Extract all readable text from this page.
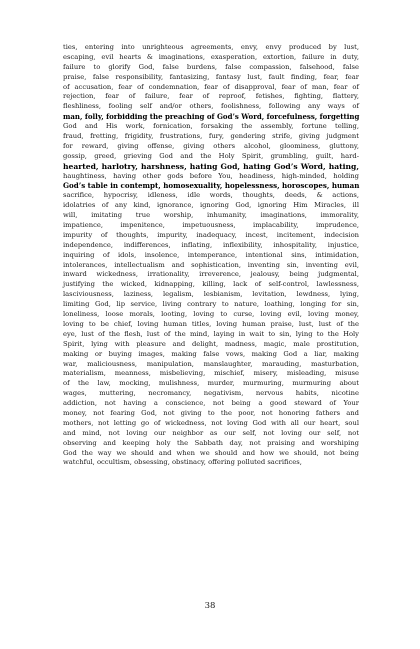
ties, entering into unrighteous agreements, envy, envy produced by lust,
escaping, evil hearts & imaginations, exasperation, extortion, failure in duty,
failure to glorify God, false burdens, false compassion, falsehood, false
praise, false responsibility, fantasizing, fantasy lust, fault finding, fear, fear
of accusation, fear of condemnation, fear of disapproval, fear of man, fear of
rejection, fear of failure, fear of reproof, fetishes, fighting, flattery,
fleshliness, fooling self and/or others, foolishness, following any ways of
man, folly, forbidding the preaching of God’s Word, forcefulness, forgetting
God and His work, fornication, forsaking the assembly, fortune telling,
fraud, fretting, frigidity, frustrations, fury, gendering strife, giving judgment
for reward, giving offense, giving others alcohol, gloominess, gluttony,
gossip, greed, grieving God and the Holy Spirit, grumbling, guilt, hard-
hearted, harlotry, harshness, hating God, hating God’s Word, hating,
haughtiness, having other gods before You, headiness, high-minded, holding
God’s table in contempt, homosexuality, hopelessness, horoscopes, human
sacrifice, hypocrisy, idleness, idle words, thoughts, deeds, & actions,
idolatries of any kind, ignorance, ignoring God, ignoring Him Miracles, ill
will, imitating true worship, inhumanity, imaginations, immorality,
impatience, impenitence, impetuousness, implacability, imprudence,
impurity of thoughts, impurity, inadequacy, incest, incitement, indecision
independence, indifferences, inflating, inflexibility, inhospitality, injustice,
inquiring of idols, insolence, intemperance, intentional sins, intimidation,
intolerances, intellectualism and sophistication, inventing sin, inventing evil,
inward wickedness, irrationality, irreverence, jealousy, being judgmental,
justifying the wicked, kidnapping, killing, lack of self-control, lawlessness,
lasciviousness, laziness, legalism, lesbianism, levitation, lewdness, lying,
limiting God, lip service, living contrary to nature, loathing, longing for sin,
loneliness, loose morals, looting, loving to curse, loving evil, loving money,
loving to be chief, loving human titles, loving human praise, lust, lust of the
eye, lust of the flesh, lust of the mind, laying in wait to sin, lying to the Holy
Spirit, lying with pleasure and delight, madness, magic, male prostitution,
making or buying images, making false vows, making God a liar, making
war, maliciousness, manipulation, manslaughter, marauding, masturbation,
materialism, meanness, misbelieving, mischief, misery, misleading, misuse
of the law, mocking, mulishness, murder, murmuring, murmuring about
wages, muttering, necromancy, negativism, nervous habits, nicotine
addiction, not having a conscience, not being a good steward of Your
money, not fearing God, not giving to the poor, not honoring fathers and
mothers, not letting go of wickedness, not loving God with all our heart, soul
and mind, not loving our neighbor as our self, not loving our self, not
observing and keeping holy the Sabbath day, not praising and worshiping
God the way we should and when we should and how we should, not being
watchful, occultism, obsessing, obstinacy, offering polluted sacrifices,
38
